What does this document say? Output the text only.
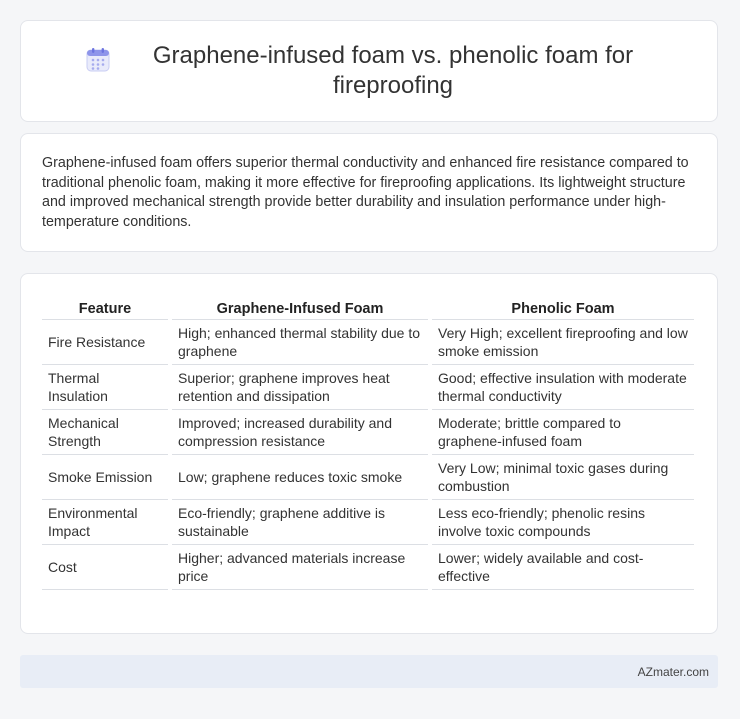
Graphene-infused foam vs. phenolic foam for fireproofing

Graphene-infused foam offers superior thermal conductivity and enhanced fire resistance compared to traditional phenolic foam, making it more effective for fireproofing applications. Its lightweight structure and improved mechanical strength provide better durability and insulation performance under high-temperature conditions.

Feature	Graphene-Infused Foam	Phenolic Foam
Fire Resistance	High; enhanced thermal stability due to graphene	Very High; excellent fireproofing and low smoke emission
Thermal Insulation	Superior; graphene improves heat retention and dissipation	Good; effective insulation with moderate thermal conductivity
Mechanical Strength	Improved; increased durability and compression resistance	Moderate; brittle compared to graphene-infused foam
Smoke Emission	Low; graphene reduces toxic smoke	Very Low; minimal toxic gases during combustion
Environmental Impact	Eco-friendly; graphene additive is sustainable	Less eco-friendly; phenolic resins involve toxic compounds
Cost	Higher; advanced materials increase price	Lower; widely available and cost-effective
AZmater.com
